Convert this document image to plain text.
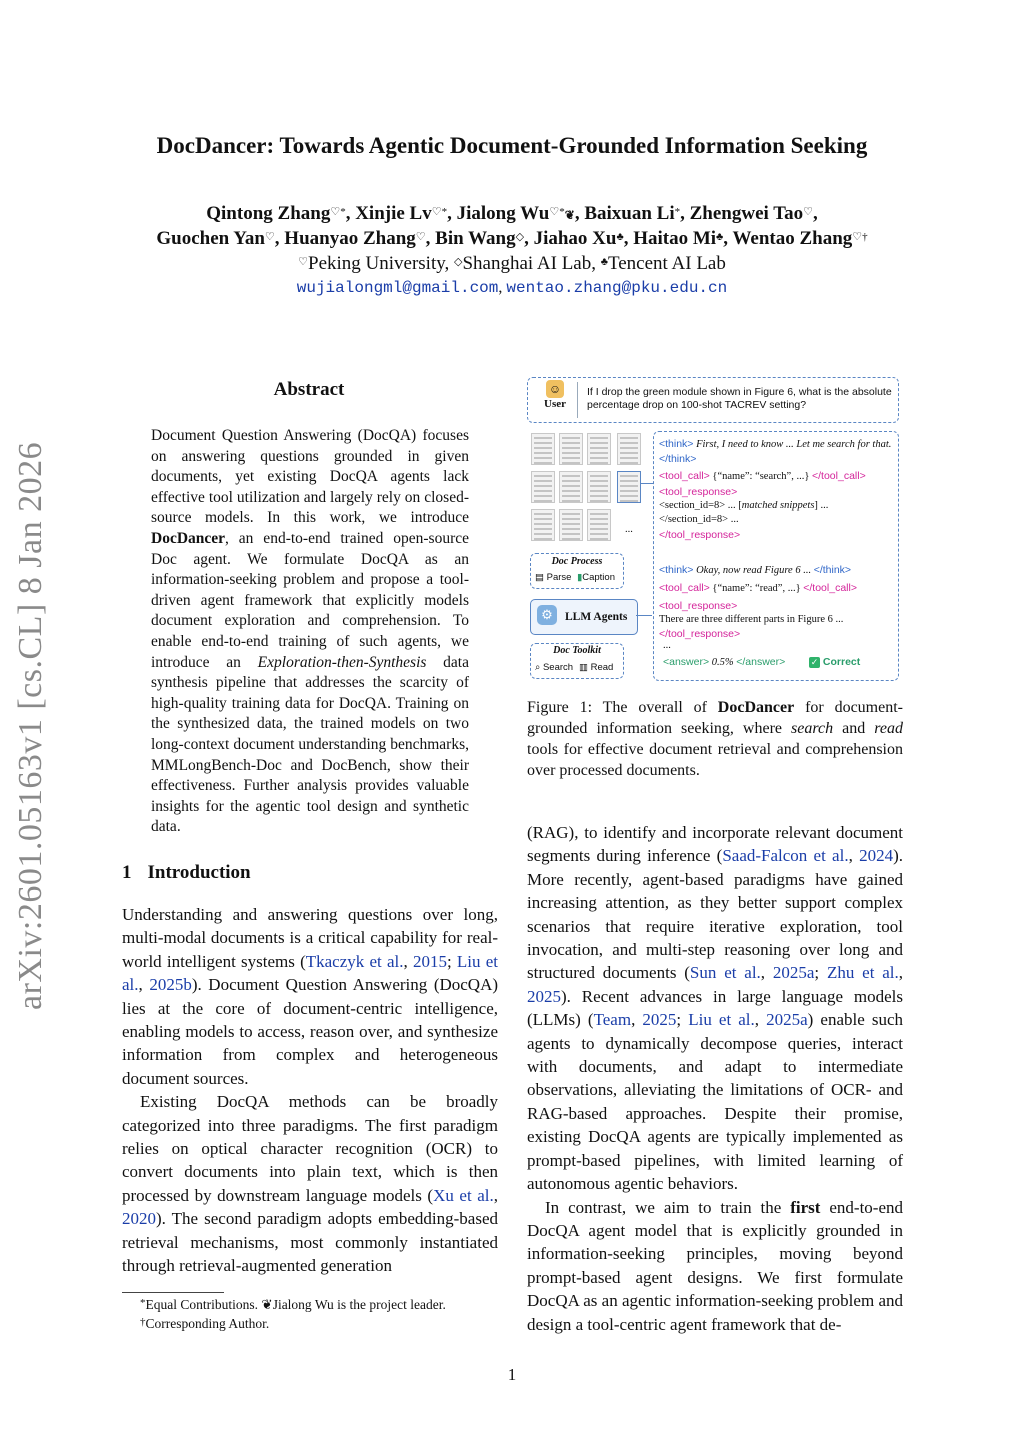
DocDancer: Towards Agentic Document-Grounded Information Seeking
Qintong Zhang♡*, Xinjie Lv♡*, Jialong Wu♡*❦, Baixuan Li*, Zhengwei Tao♡,
Guochen Yan♡, Huanyao Zhang♡, Bin Wang◇, Jiahao Xu♣, Haitao Mi♣, Wentao Zhang♡†
♡Peking University, ◇Shanghai AI Lab, ♣Tencent AI Lab
wujialongml@gmail.com, wentao.zhang@pku.edu.cn
arXiv:2601.05163v1 [cs.CL] 8 Jan 2026
Abstract
Document Question Answering (DocQA) focuses on answering questions grounded in given documents, yet existing DocQA agents lack effective tool utilization and largely rely on closed-source models. In this work, we introduce DocDancer, an end-to-end trained open-source Doc agent. We formulate DocQA as an information-seeking problem and propose a tool-driven agent framework that explicitly models document exploration and comprehension. To enable end-to-end training of such agents, we introduce an Exploration-then-Synthesis data synthesis pipeline that addresses the scarcity of high-quality training data for DocQA. Training on the synthesized data, the trained models on two long-context document understanding benchmarks, MMLongBench-Doc and DocBench, show their effectiveness. Further analysis provides valuable insights for the agentic tool design and synthetic data.
1 Introduction

Understanding and answering questions over long, multi-modal documents is a critical capability for real-world intelligent systems (Tkaczyk et al., 2015; Liu et al., 2025b). Document Question Answering (DocQA) lies at the core of document-centric intelligence, enabling models to access, reason over, and synthesize information from complex and heterogeneous document sources.

Existing DocQA methods can be broadly categorized into three paradigms. The first paradigm relies on optical character recognition (OCR) to convert documents into plain text, which is then processed by downstream language models (Xu et al., 2020). The second paradigm adopts embedding-based retrieval mechanisms, most commonly instantiated through retrieval-augmented generation

*Equal Contributions. ❦Jialong Wu is the project leader.
†Corresponding Author.
☺
User
If I drop the green module shown in Figure 6, what is the absolute percentage drop on 100-shot TACREV setting?
...
Doc Process
▤ Parse ▮Caption
⚙	LLM Agents
Doc Toolkit
⌕ Search ▥ Read
<think> First, I need to know ... Let me search for that. </think>
<tool_call> {“name”: “search”, ...} </tool_call>
<tool_response>
<section_id=8> ... [matched snippets] ...
</section_id=8> ...
</tool_response>
<think> Okay, now read Figure 6 ... </think>
<tool_call> {“name”: “read”, ...} </tool_call>
<tool_response>
There are three different parts in Figure 6 ...
</tool_response>
...
<answer> 0.5% </answer>	✓ Correct
Figure 1: The overall of DocDancer for document-grounded information seeking, where search and read tools for effective document retrieval and comprehension over processed documents.

(RAG), to identify and incorporate relevant document segments during inference (Saad-Falcon et al., 2024). More recently, agent-based paradigms have gained increasing attention, as they better support complex scenarios that require iterative exploration, tool invocation, and multi-step reasoning over long and structured documents (Sun et al., 2025a; Zhu et al., 2025). Recent advances in large language models (LLMs) (Team, 2025; Liu et al., 2025a) enable such agents to dynamically decompose queries, interact with documents, and adapt to intermediate observations, alleviating the limitations of OCR- and RAG-based approaches. Despite their promise, existing DocQA agents are typically implemented as prompt-based pipelines, with limited learning of autonomous agentic behaviors.

In contrast, we aim to train the first end-to-end DocQA agent model that is explicitly grounded in information-seeking principles, moving beyond prompt-based agent designs. We first formulate DocQA as an agentic information-seeking problem and design a tool-centric agent framework that de-

1
